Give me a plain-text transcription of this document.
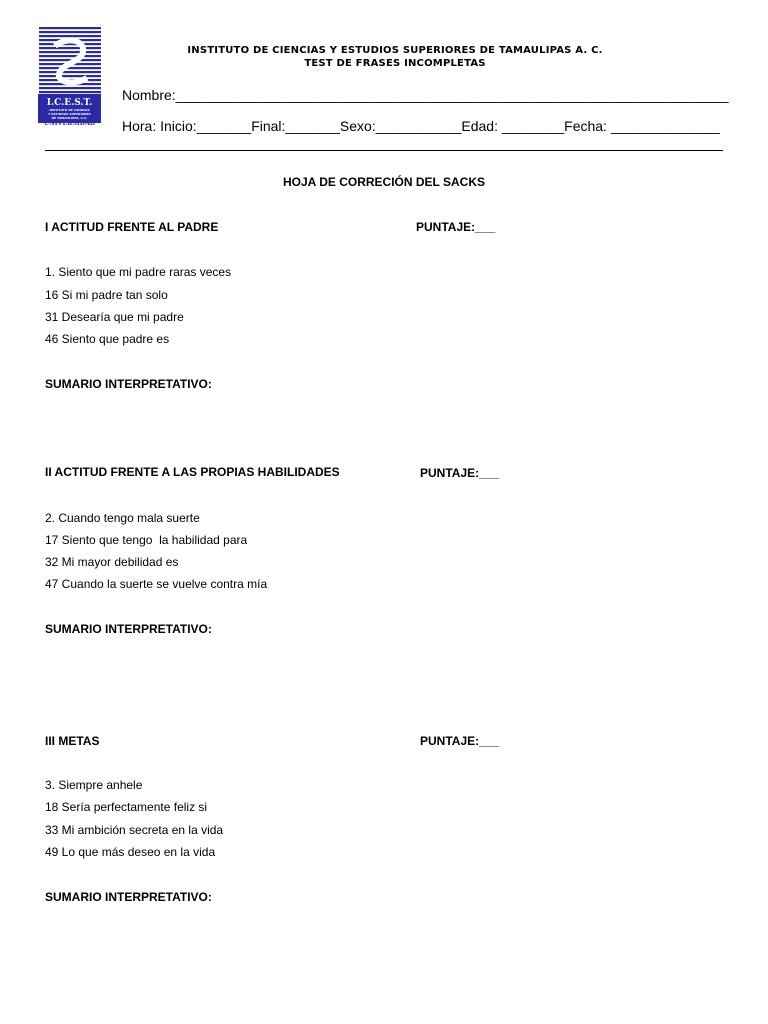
UNIVERSIDAD
I.C.E.S.T.
INSTITUTO DE CIENCIAS
Y ESTUDIOS SUPERIORES
DE TAMAULIPAS, A.C.
INSTITUTO DE CIENCIAS Y ESTUDIOS SUPERIORES DE TAMAULIPAS A. C.
TEST DE FRASES INCOMPLETAS
Nombre:_______________________________________________________________________
Hora: Inicio:_______Final:_______Sexo:___________Edad: ________Fecha: ______________
HOJA DE CORRECIÓN DEL SACKS
I ACTITUD FRENTE AL PADRE	PUNTAJE:___
1. Siento que mi padre raras veces
16 Si mi padre tan solo
31 Desearía que mi padre
46 Siento que padre es
SUMARIO INTERPRETATIVO:
II ACTITUD FRENTE A LAS PROPIAS HABILIDADES	PUNTAJE:___
2. Cuando tengo mala suerte
17 Siento que tengo  la habilidad para
32 Mi mayor debilidad es
47 Cuando la suerte se vuelve contra mía
SUMARIO INTERPRETATIVO:
III METAS	PUNTAJE:___
3. Siempre anhele
18 Sería perfectamente feliz si
33 Mi ambición secreta en la vida
49 Lo que más deseo en la vida
SUMARIO INTERPRETATIVO:
